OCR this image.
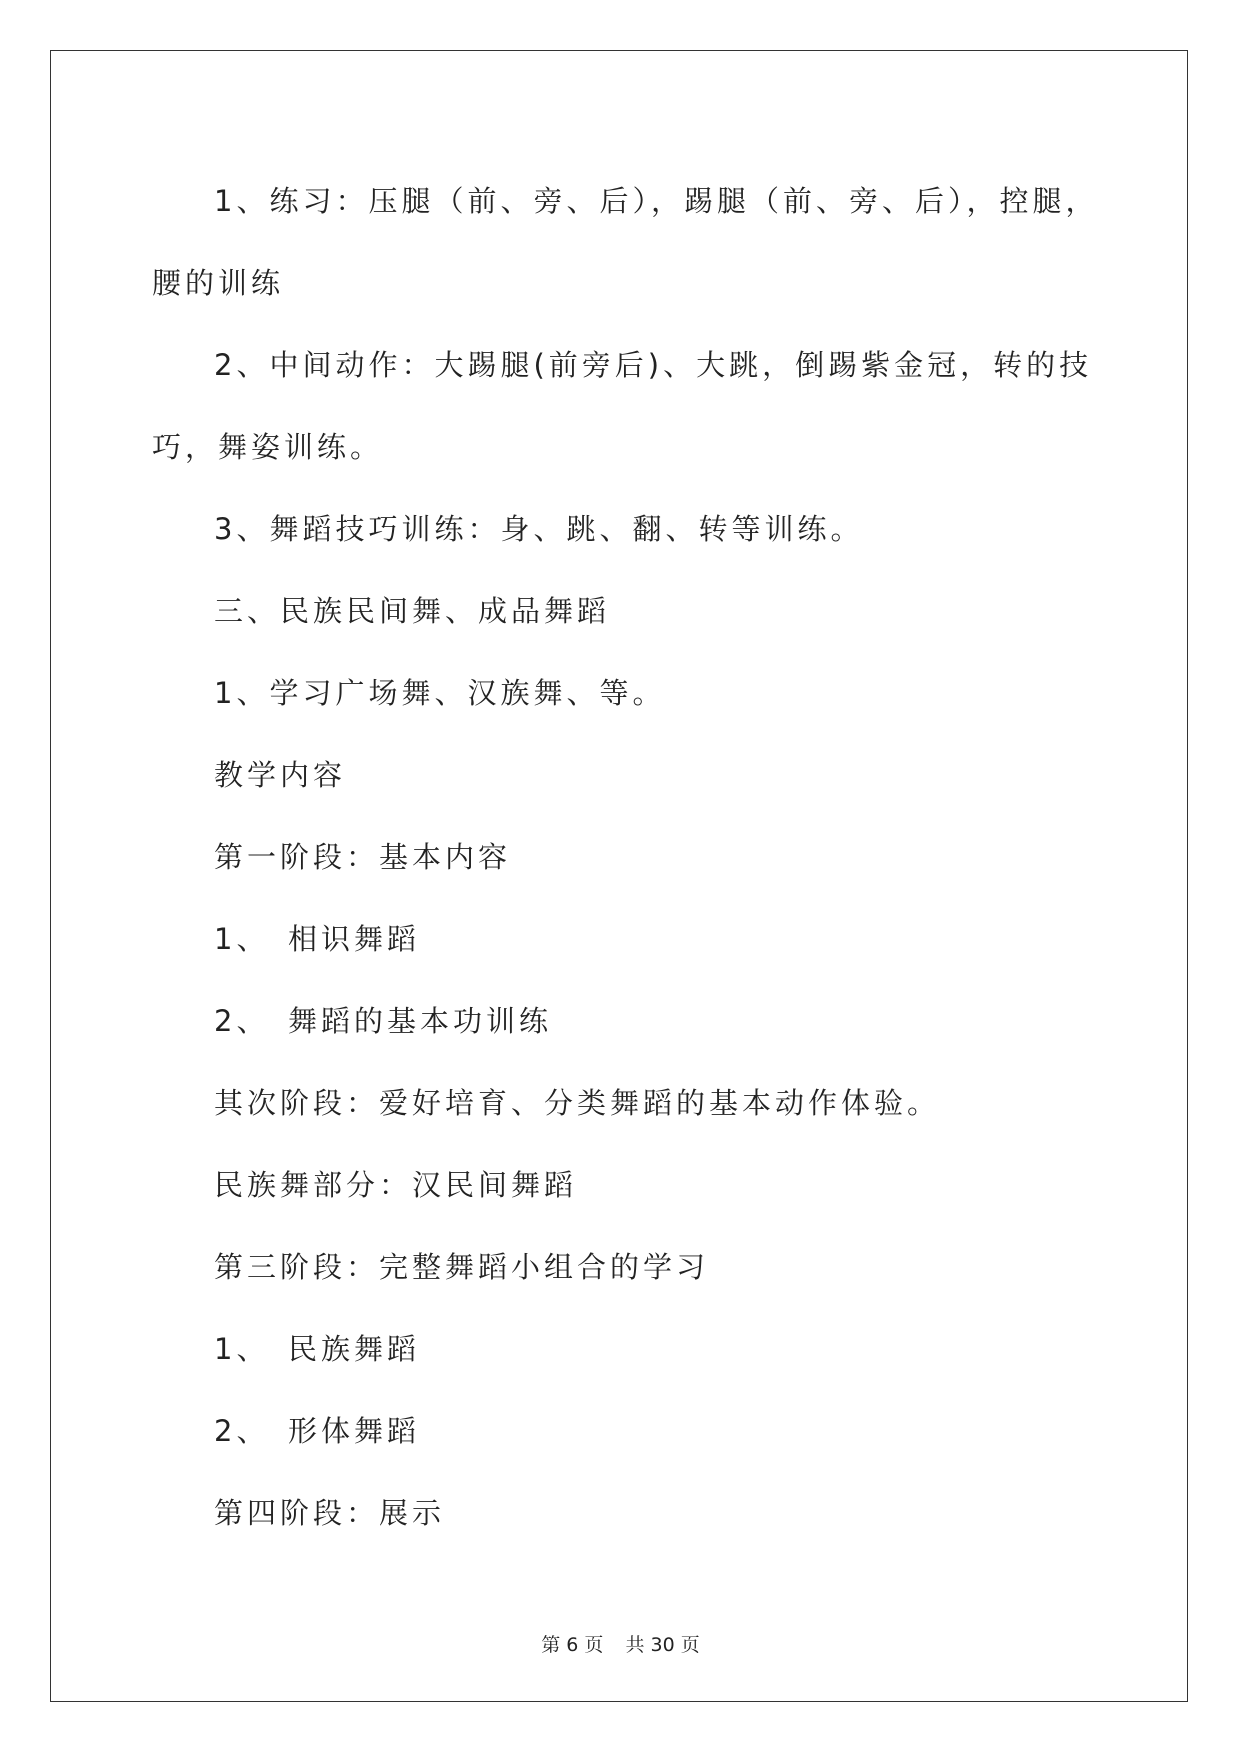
1、练习：压腿（前、旁、后），踢腿（前、旁、后），控腿，腰的训练

2、中间动作：大踢腿(前旁后)、大跳，倒踢紫金冠，转的技巧，舞姿训练。

3、舞蹈技巧训练：身、跳、翻、转等训练。

三、民族民间舞、成品舞蹈

1、学习广场舞、汉族舞、等。

教学内容

第一阶段：基本内容

1、　相识舞蹈

2、　舞蹈的基本功训练

其次阶段：爱好培育、分类舞蹈的基本动作体验。

民族舞部分：汉民间舞蹈

第三阶段：完整舞蹈小组合的学习

1、　民族舞蹈

2、　形体舞蹈

第四阶段：展示

第 6 页 共 30 页
